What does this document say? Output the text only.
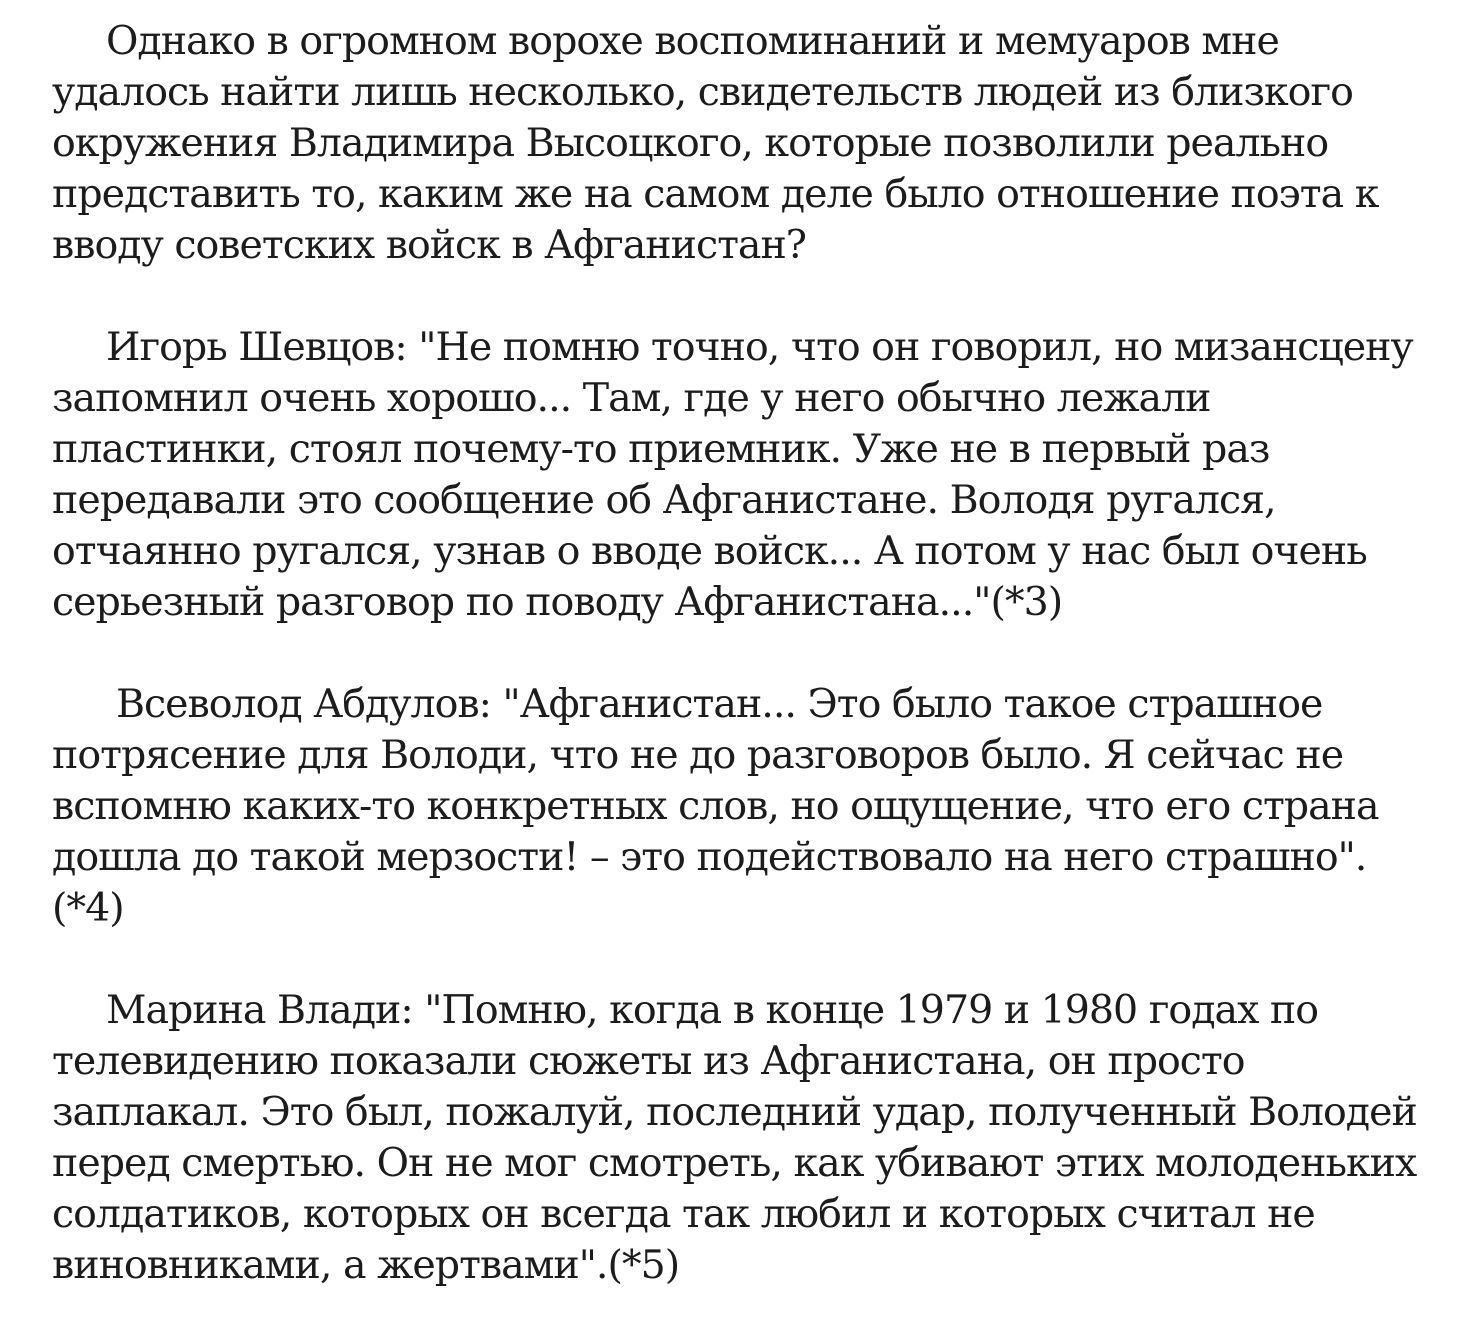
Однако в огромном ворохе воспоминаний и мемуаров мне
удалось найти лишь несколько, свидетельств людей из близкого
окружения Владимира Высоцкого, которые позволили реально
представить то, каким же на самом деле было отношение поэта к
вводу советских войск в Афганистан?

Игорь Шевцов: "Не помню точно, что он говорил, но мизансцену
запомнил очень хорошо... Там, где у него обычно лежали
пластинки, стоял почему-то приемник. Уже не в первый раз
передавали это сообщение об Афганистане. Володя ругался,
отчаянно ругался, узнав о вводе войск... А потом у нас был очень
серьезный разговор по поводу Афганистана..."(*3)

Всеволод Абдулов: "Афганистан... Это было такое страшное
потрясение для Володи, что не до разговоров было. Я сейчас не
вспомню каких-то конкретных слов, но ощущение, что его страна
дошла до такой мерзости! – это подействовало на него страшно".
(*4)

Марина Влади: "Помню, когда в конце 1979 и 1980 годах по
телевидению показали сюжеты из Афганистана, он просто
заплакал. Это был, пожалуй, последний удар, полученный Володей
перед смертью. Он не мог смотреть, как убивают этих молоденьких
солдатиков, которых он всегда так любил и которых считал не
виновниками, а жертвами".(*5)
